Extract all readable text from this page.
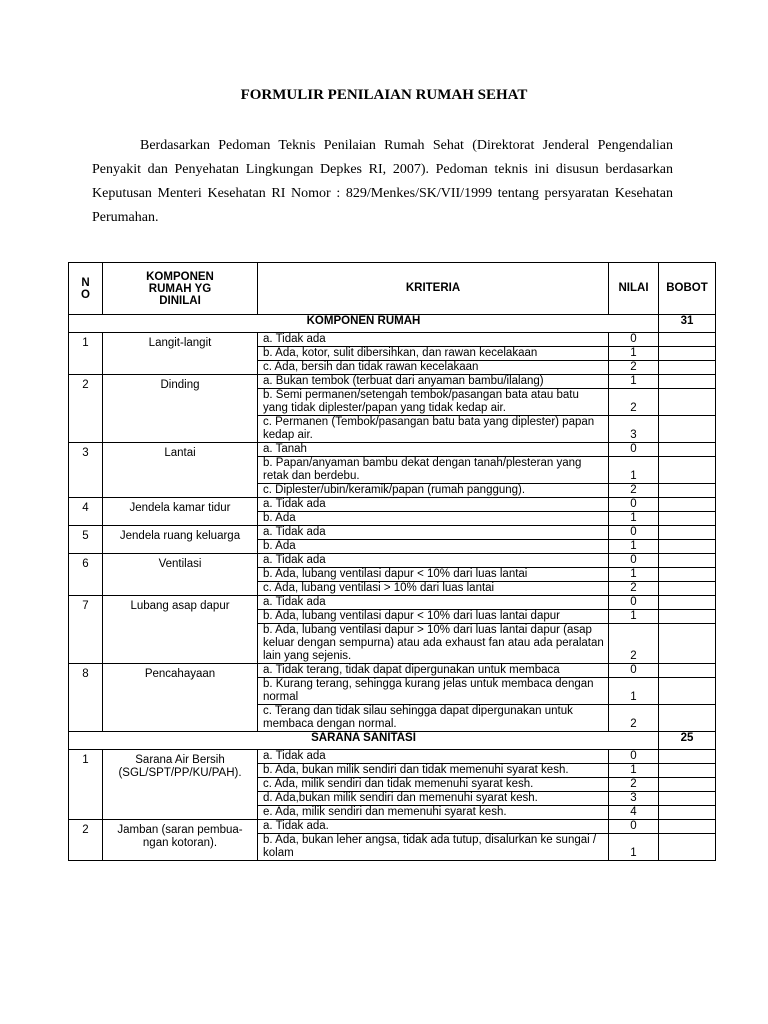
FORMULIR PENILAIAN RUMAH SEHAT

Berdasarkan Pedoman Teknis Penilaian Rumah Sehat (Direktorat Jenderal Pengendalian Penyakit dan Penyehatan Lingkungan Depkes RI, 2007). Pedoman teknis ini disusun berdasarkan Keputusan Menteri Kesehatan RI Nomor : 829/Menkes/SK/VII/1999 tentang persyaratan Kesehatan Perumahan.

N
O	KOMPONEN
RUMAH YG
DINILAI	KRITERIA	NILAI	BOBOT
KOMPONEN RUMAH				31
1	Langit-langit	a. Tidak ada	0	
		b. Ada, kotor, sulit dibersihkan, dan rawan kecelakaan	1	
		c. Ada, bersih dan tidak rawan kecelakaan	2	
2	Dinding	a. Bukan tembok (terbuat dari anyaman bambu/ilalang)	1	
		b. Semi permanen/setengah tembok/pasangan bata atau batu yang tidak diplester/papan yang tidak kedap air.	2	
		c. Permanen (Tembok/pasangan batu bata yang diplester) papan kedap air.	3	
3	Lantai	a. Tanah	0	
		b. Papan/anyaman bambu dekat dengan tanah/plesteran yang retak dan berdebu.	1	
		c. Diplester/ubin/keramik/papan (rumah panggung).	2	
4	Jendela kamar tidur	a. Tidak ada	0	
		b. Ada	1	
5	Jendela ruang keluarga	a. Tidak ada	0	
		b. Ada	1	
6	Ventilasi	a. Tidak ada	0	
		b. Ada, lubang ventilasi dapur < 10% dari luas lantai	1	
		c. Ada, lubang ventilasi > 10% dari luas lantai	2	
7	Lubang asap dapur	a. Tidak ada	0	
		b. Ada, lubang ventilasi dapur < 10% dari luas lantai dapur	1	
		b. Ada, lubang ventilasi dapur > 10% dari luas lantai dapur (asap keluar dengan sempurna) atau ada exhaust fan atau ada peralatan lain yang sejenis.	2	
8	Pencahayaan	a. Tidak terang, tidak dapat dipergunakan untuk membaca	0	
		b. Kurang terang, sehingga kurang jelas untuk membaca dengan normal	1	
		c. Terang dan tidak silau sehingga dapat dipergunakan untuk membaca dengan normal.	2	
SARANA SANITASI				25
1	Sarana Air Bersih (SGL/SPT/PP/KU/PAH).	a. Tidak ada	0	
		b. Ada, bukan milik sendiri dan tidak memenuhi syarat kesh.	1	
		c. Ada, milik sendiri dan tidak memenuhi syarat kesh.	2	
		d. Ada,bukan milik sendiri dan memenuhi syarat kesh.	3	
		e. Ada, milik sendiri dan memenuhi syarat kesh.	4	
2	Jamban (saran pembua- ngan kotoran).	a. Tidak ada.	0	
		b. Ada, bukan leher angsa, tidak ada tutup, disalurkan ke sungai / kolam	1	
